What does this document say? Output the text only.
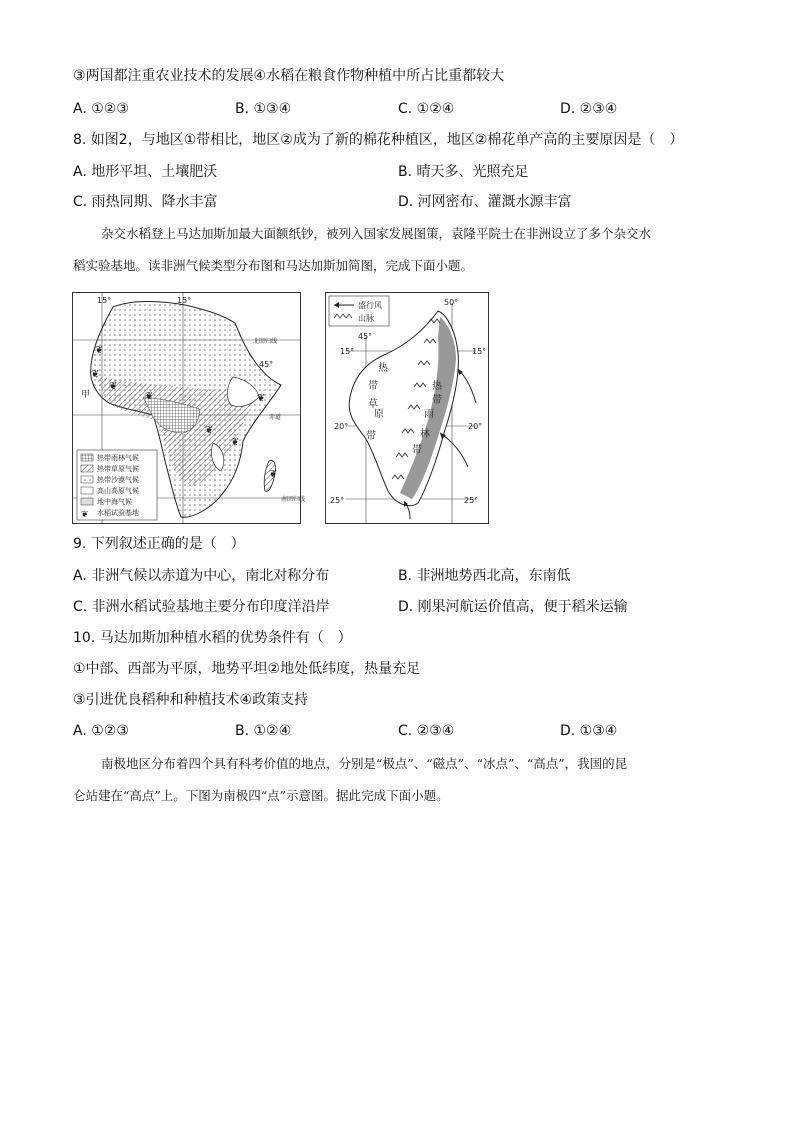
③两国都注重农业技术的发展④水稻在粮食作物种植中所占比重都较大
A. ①②③	B. ①③④	C. ①②④	D. ②③④
8. 如图2，与地区①带相比，地区②成为了新的棉花种植区，地区②棉花单产高的主要原因是（　）
A. 地形平坦、土壤肥沃	B. 晴天多、光照充足
C. 雨热同期、降水丰富	D. 河网密布、灌溉水源丰富
杂交水稻登上马达加斯加最大面额纸钞，被列入国家发展图策，袁隆平院士在非洲设立了多个杂交水
稻实验基地。读非洲气候类型分布图和马达加斯加简图，完成下面小题。
❦
❦
❦
❦	❦
❦
❦
❦
15°	15°
北回归线
赤道
南回归线
45°
甲
❦
热带雨林气候
热带草原气候
热带沙漠气候
高山高原气候
地中海气候
水稻试验基地
盛行风
山脉
50°
45°
15°	15°
20°	20°
25°	25°
热
带
草
原
带
热
带
雨
林
带
9. 下列叙述正确的是（　）
A. 非洲气候以赤道为中心，南北对称分布	B. 非洲地势西北高，东南低
C. 非洲水稻试验基地主要分布印度洋沿岸	D. 刚果河航运价值高，便于稻米运输
10. 马达加斯加种植水稻的优势条件有（　）
①中部、西部为平原，地势平坦②地处低纬度，热量充足
③引进优良稻种和种植技术④政策支持
A. ①②③	B. ①②④	C. ②③④	D. ①③④
南极地区分布着四个具有科考价值的地点，分别是“极点”、“磁点”、“冰点”、“高点”，我国的昆
仑站建在“高点”上。下图为南极四“点”示意图。据此完成下面小题。
